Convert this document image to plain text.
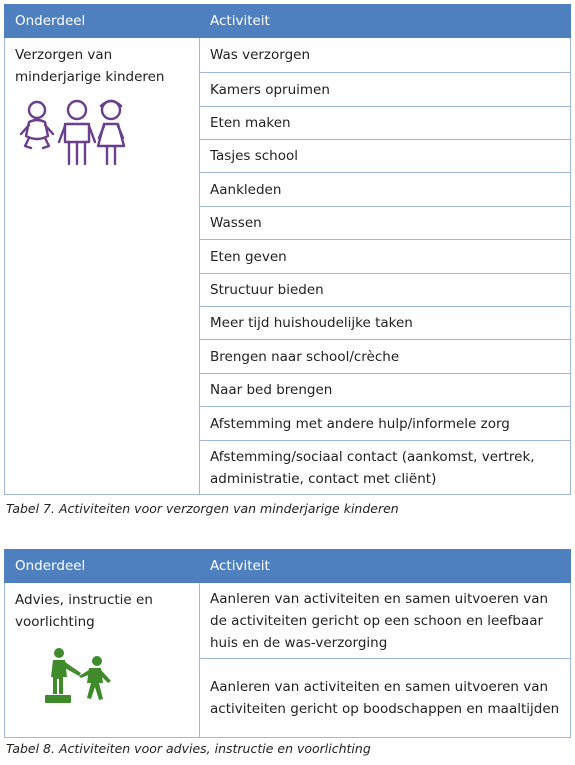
Onderdeel	Activiteit

Verzorgen van minderjarige kinderen	Was verzorgen
	Kamers opruimen
	Eten maken
	Tasjes school
	Aankleden
	Wassen
	Eten geven
	Structuur bieden
	Meer tijd huishoudelijke taken
	Brengen naar school/crèche
	Naar bed brengen
	Afstemming met andere hulp/informele zorg
	Afstemming/sociaal contact (aankomst, vertrek, administratie, contact met cliënt)
Tabel 7. Activiteiten voor verzorgen van minderjarige kinderen
Onderdeel	Activiteit

Advies, instructie en voorlichting	Aanleren van activiteiten en samen uitvoeren van de activiteiten gericht op een schoon en leefbaar huis en de was-verzorging
	Aanleren van activiteiten en samen uitvoeren van activiteiten gericht op boodschappen en maaltijden
Tabel 8. Activiteiten voor advies, instructie en voorlichting
